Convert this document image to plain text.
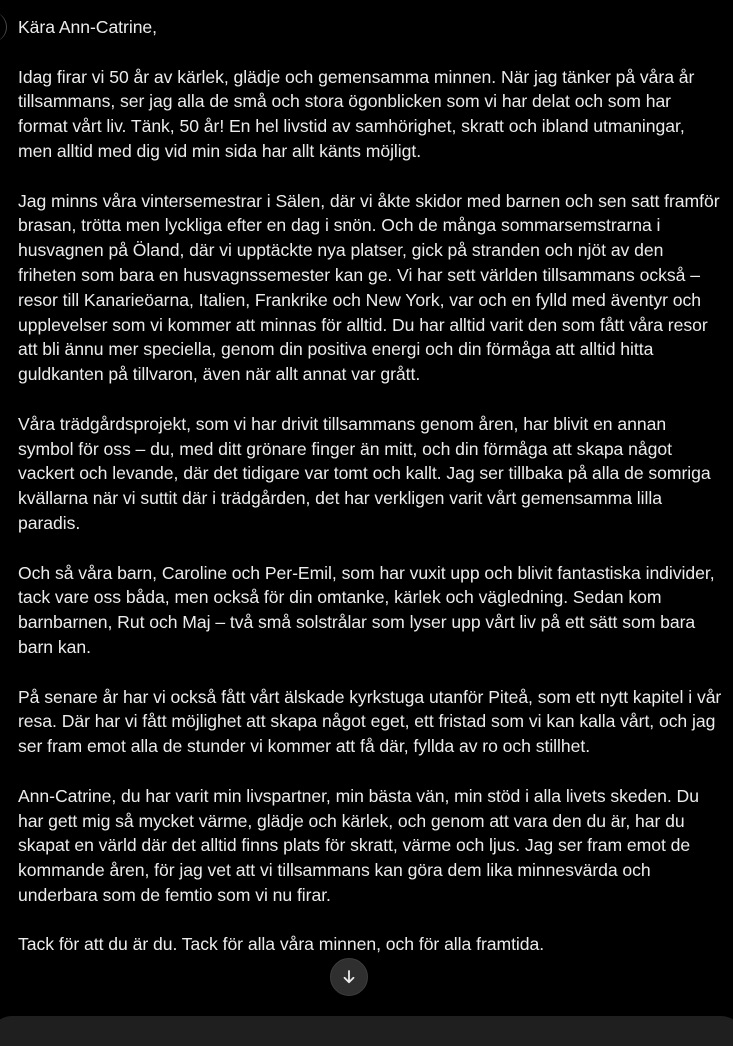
Kära Ann-Catrine,

Idag firar vi 50 år av kärlek, glädje och gemensamma minnen. När jag tänker på våra år tillsammans, ser jag alla de små och stora ögonblicken som vi har delat och som har format vårt liv. Tänk, 50 år! En hel livstid av samhörighet, skratt och ibland utmaningar, men alltid med dig vid min sida har allt känts möjligt.

Jag minns våra vintersemestrar i Sälen, där vi åkte skidor med barnen och sen satt framför brasan, trötta men lyckliga efter en dag i snön. Och de många sommarsemstrarna i husvagnen på Öland, där vi upptäckte nya platser, gick på stranden och njöt av den friheten som bara en husvagnssemester kan ge. Vi har sett världen tillsammans också – resor till Kanarieöarna, Italien, Frankrike och New York, var och en fylld med äventyr och upplevelser som vi kommer att minnas för alltid. Du har alltid varit den som fått våra resor att bli ännu mer speciella, genom din positiva energi och din förmåga att alltid hitta guldkanten på tillvaron, även när allt annat var grått.

Våra trädgårdsprojekt, som vi har drivit tillsammans genom åren, har blivit en annan symbol för oss – du, med ditt grönare finger än mitt, och din förmåga att skapa något vackert och levande, där det tidigare var tomt och kallt. Jag ser tillbaka på alla de somriga kvällarna när vi suttit där i trädgården, det har verkligen varit vårt gemensamma lilla paradis.

Och så våra barn, Caroline och Per-Emil, som har vuxit upp och blivit fantastiska individer, tack vare oss båda, men också för din omtanke, kärlek och vägledning. Sedan kom barnbarnen, Rut och Maj – två små solstrålar som lyser upp vårt liv på ett sätt som bara barn kan.

På senare år har vi också fått vårt älskade kyrkstuga utanför Piteå, som ett nytt kapitel i vår resa. Där har vi fått möjlighet att skapa något eget, ett fristad som vi kan kalla vårt, och jag ser fram emot alla de stunder vi kommer att få där, fyllda av ro och stillhet.

Ann-Catrine, du har varit min livspartner, min bästa vän, min stöd i alla livets skeden. Du har gett mig så mycket värme, glädje och kärlek, och genom att vara den du är, har du skapat en värld där det alltid finns plats för skratt, värme och ljus. Jag ser fram emot de kommande åren, för jag vet att vi tillsammans kan göra dem lika minnesvärda och underbara som de femtio som vi nu firar.

Tack för att du är du. Tack för alla våra minnen, och för alla framtida.
